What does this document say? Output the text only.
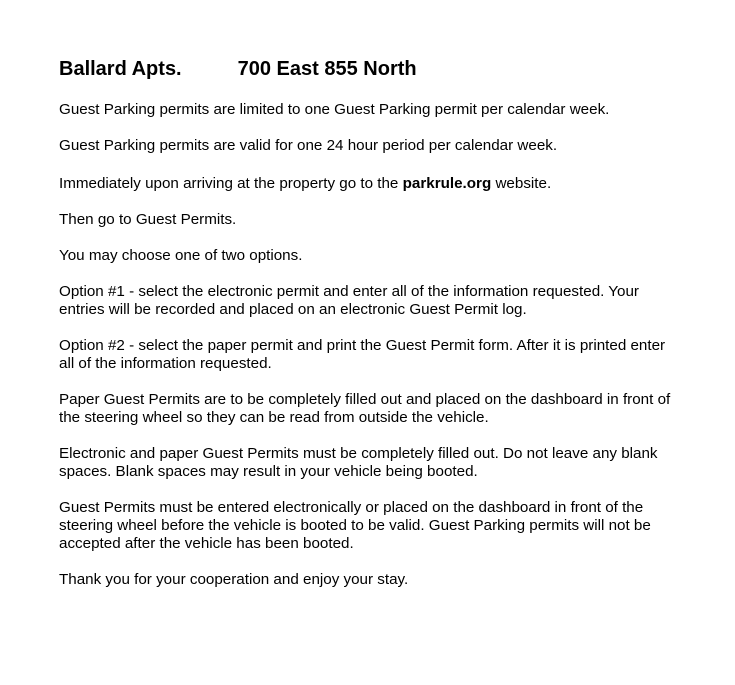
Ballard Apts.	700 East 855 North

Guest Parking permits are limited to one Guest Parking permit per calendar week.

Guest Parking permits are valid for one 24 hour period per calendar week.

Immediately upon arriving at the property go to the parkrule.org website.

Then go to Guest Permits.

You may choose one of two options.

Option #1 - select the electronic permit and enter all of the information requested. Your entries will be recorded and placed on an electronic Guest Permit log.

Option #2 - select the paper permit and print the Guest Permit form. After it is printed enter all of the information requested.

Paper Guest Permits are to be completely filled out and placed on the dashboard in front of the steering wheel so they can be read from outside the vehicle.

Electronic and paper Guest Permits must be completely filled out. Do not leave any blank spaces. Blank spaces may result in your vehicle being booted.

Guest Permits must be entered electronically or placed on the dashboard in front of the steering wheel before the vehicle is booted to be valid. Guest Parking permits will not be accepted after the vehicle has been booted.

Thank you for your cooperation and enjoy your stay.
